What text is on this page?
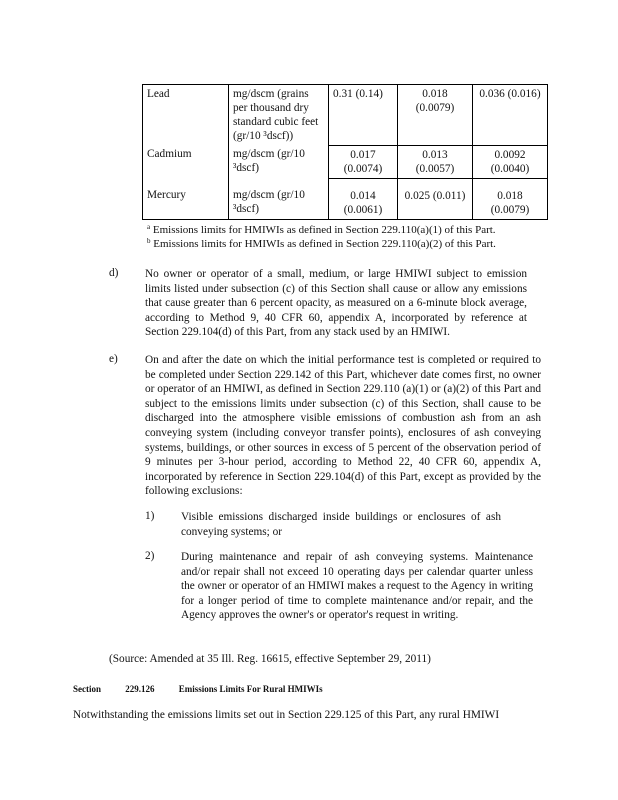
Lead	mg/dscm (grains per thousand dry standard cubic feet (gr/10 ³dscf))	0.31 (0.14)	0.018 (0.0079)	0.036 (0.016)
Cadmium	mg/dscm (gr/10 ³dscf)	0.017 (0.0074)	0.013 (0.0057)	0.0092 (0.0040)
Mercury	mg/dscm (gr/10 ³dscf)	0.014 (0.0061)	0.025 (0.011)	0.018 (0.0079)
$^a$ Emissions limits for HMIWIs as defined in Section 229.110(a)(1) of this Part.
$^b$ Emissions limits for HMIWIs as defined in Section 229.110(a)(2) of this Part.
d) No owner or operator of a small, medium, or large HMIWI subject to emission limits listed under subsection (c) of this Section shall cause or allow any emissions that cause greater than 6 percent opacity, as measured on a 6-minute block average, according to Method 9, 40 CFR 60, appendix A, incorporated by reference at Section 229.104(d) of this Part, from any stack used by an HMIWI.
e) On and after the date on which the initial performance test is completed or required to be completed under Section 229.142 of this Part, whichever date comes first, no owner or operator of an HMIWI, as defined in Section 229.110 (a)(1) or (a)(2) of this Part and subject to the emissions limits under subsection (c) of this Section, shall cause to be discharged into the atmosphere visible emissions of combustion ash from an ash conveying system (including conveyor transfer points), enclosures of ash conveying systems, buildings, or other sources in excess of 5 percent of the observation period of 9 minutes per 3-hour period, according to Method 22, 40 CFR 60, appendix A, incorporated by reference in Section 229.104(d) of this Part, except as provided by the following exclusions:
1) Visible emissions discharged inside buildings or enclosures of ash conveying systems; or
2) During maintenance and repair of ash conveying systems. Maintenance and/or repair shall not exceed 10 operating days per calendar quarter unless the owner or operator of an HMIWI makes a request to the Agency in writing for a longer period of time to complete maintenance and/or repair, and the Agency approves the owner's or operator's request in writing.
(Source: Amended at 35 Ill. Reg. 16615, effective September 29, 2011)
Section	229.126	Emissions Limits For Rural HMIWIs
Notwithstanding the emissions limits set out in Section 229.125 of this Part, any rural HMIWI
